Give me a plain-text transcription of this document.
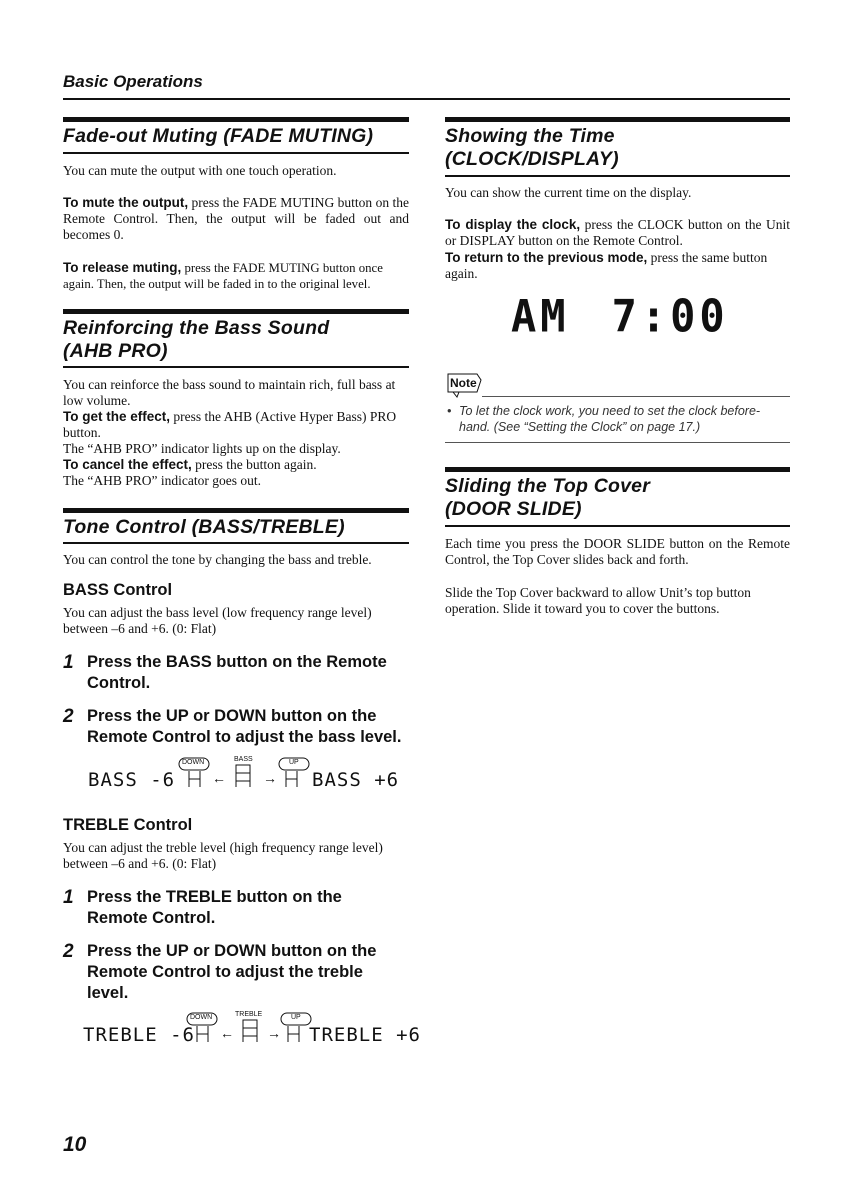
Basic Operations
Fade-out Muting (FADE MUTING)
You can mute the output with one touch operation.
To mute the output, press the FADE MUTING button on the Remote Control. Then, the output will be faded out and becomes 0.
To release muting, press the FADE MUTING button once again. Then, the output will be faded in to the original level.
Reinforcing the Bass Sound
(AHB PRO)
You can reinforce the bass sound to maintain rich, full bass at low volume.
To get the effect, press the AHB (Active Hyper Bass) PRO button.
The “AHB PRO” indicator lights up on the display.
To cancel the effect, press the button again.
The “AHB PRO” indicator goes out.
Tone Control (BASS/TREBLE)
You can control the tone by changing the bass and treble.
BASS Control
You can adjust the bass level (low frequency range level) between –6 and +6. (0: Flat)
1 Press the BASS button on the Remote Control.
2 Press the UP or DOWN button on the Remote Control to adjust the bass level.
BASS -6
DOWN
←
BASS
→
UP
BASS +6
TREBLE Control
You can adjust the treble level (high frequency range level) between –6 and +6. (0: Flat)
1 Press the TREBLE button on the Remote Control.
2 Press the UP or DOWN button on the Remote Control to adjust the treble level.
TREBLE -6
DOWN
←
TREBLE
→
UP
TREBLE +6
Showing the Time
(CLOCK/DISPLAY)
You can show the current time on the display.
To display the clock, press the CLOCK button on the Unit or DISPLAY button on the Remote Control.
To return to the previous mode, press the same button again.
AM 7:00
Note
• To let the clock work, you need to set the clock before-hand. (See “Setting the Clock” on page 17.)
Sliding the Top Cover
(DOOR SLIDE)
Each time you press the DOOR SLIDE button on the Remote Control, the Top Cover slides back and forth.
Slide the Top Cover backward to allow Unit’s top button operation. Slide it toward you to cover the buttons.
10
